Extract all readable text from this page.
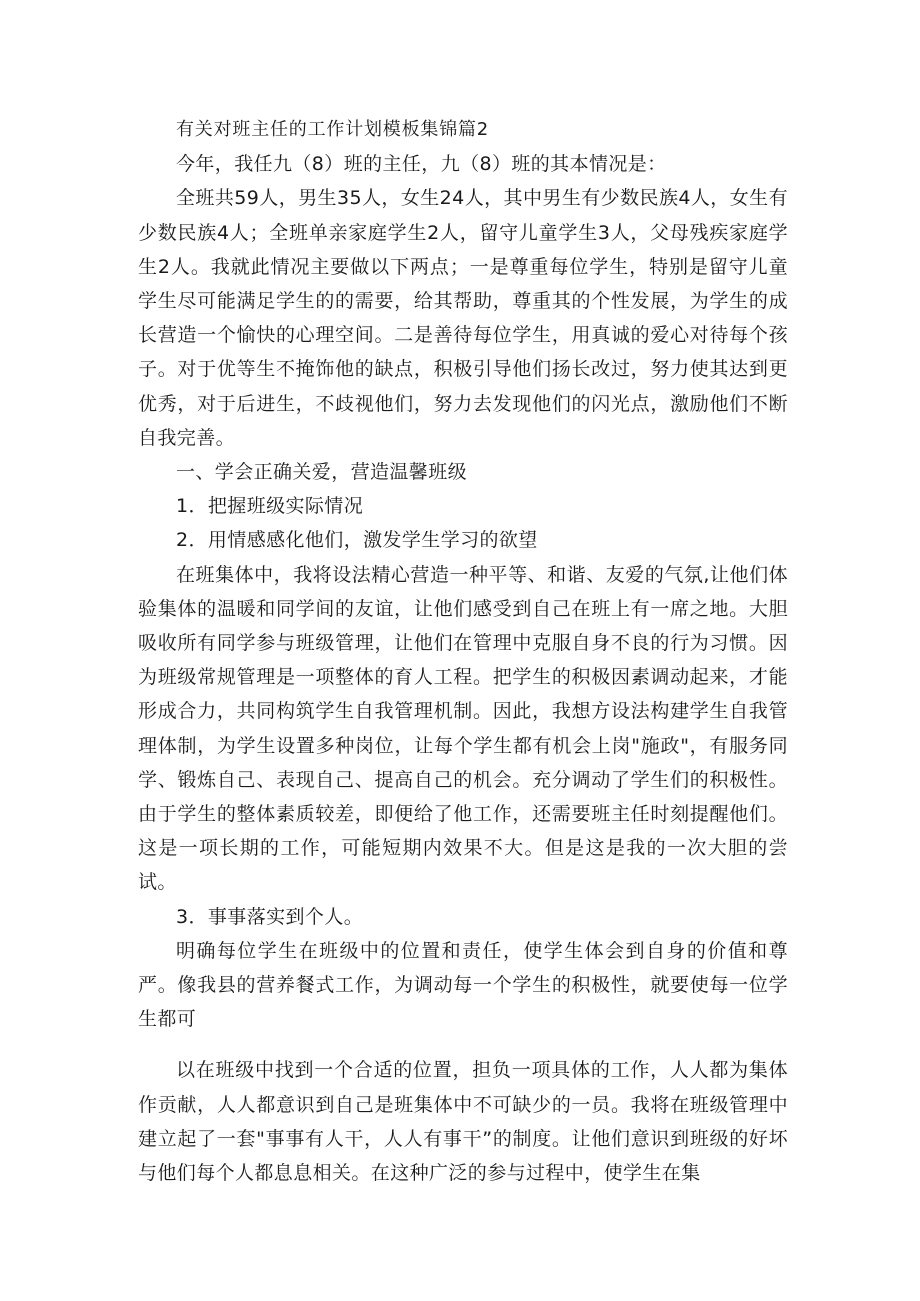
有关对班主任的工作计划模板集锦篇2

今年，我任九（8）班的主任，九（8）班的其本情况是：

全班共59人，男生35人，女生24人，其中男生有少数民族4人，女生有少数民族4人；全班单亲家庭学生2人，留守儿童学生3人，父母残疾家庭学生2人。我就此情况主要做以下两点；一是尊重每位学生，特别是留守儿童学生尽可能满足学生的的需要，给其帮助，尊重其的个性发展，为学生的成长营造一个愉快的心理空间。二是善待每位学生，用真诚的爱心对待每个孩子。对于优等生不掩饰他的缺点，积极引导他们扬长改过，努力使其达到更优秀，对于后进生，不歧视他们，努力去发现他们的闪光点，激励他们不断自我完善。

一、学会正确关爱，营造温馨班级

1．把握班级实际情况

2．用情感感化他们，激发学生学习的欲望

在班集体中，我将设法精心营造一种平等、和谐、友爱的气氛,让他们体验集体的温暖和同学间的友谊，让他们感受到自己在班上有一席之地。大胆吸收所有同学参与班级管理，让他们在管理中克服自身不良的行为习惯。因为班级常规管理是一项整体的育人工程。把学生的积极因素调动起来，才能形成合力，共同构筑学生自我管理机制。因此，我想方设法构建学生自我管理体制，为学生设置多种岗位，让每个学生都有机会上岗"施政"，有服务同学、锻炼自己、表现自己、提高自己的机会。充分调动了学生们的积极性。由于学生的整体素质较差，即便给了他工作，还需要班主任时刻提醒他们。这是一项长期的工作，可能短期内效果不大。但是这是我的一次大胆的尝试。

3．事事落实到个人。

明确每位学生在班级中的位置和责任，使学生体会到自身的价值和尊严。像我县的营养餐式工作，为调动每一个学生的积极性，就要使每一位学生都可

以在班级中找到一个合适的位置，担负一项具体的工作，人人都为集体作贡献，人人都意识到自己是班集体中不可缺少的一员。我将在班级管理中建立起了一套"事事有人干，人人有事干”的制度。让他们意识到班级的好坏与他们每个人都息息相关。在这种广泛的参与过程中，使学生在集
